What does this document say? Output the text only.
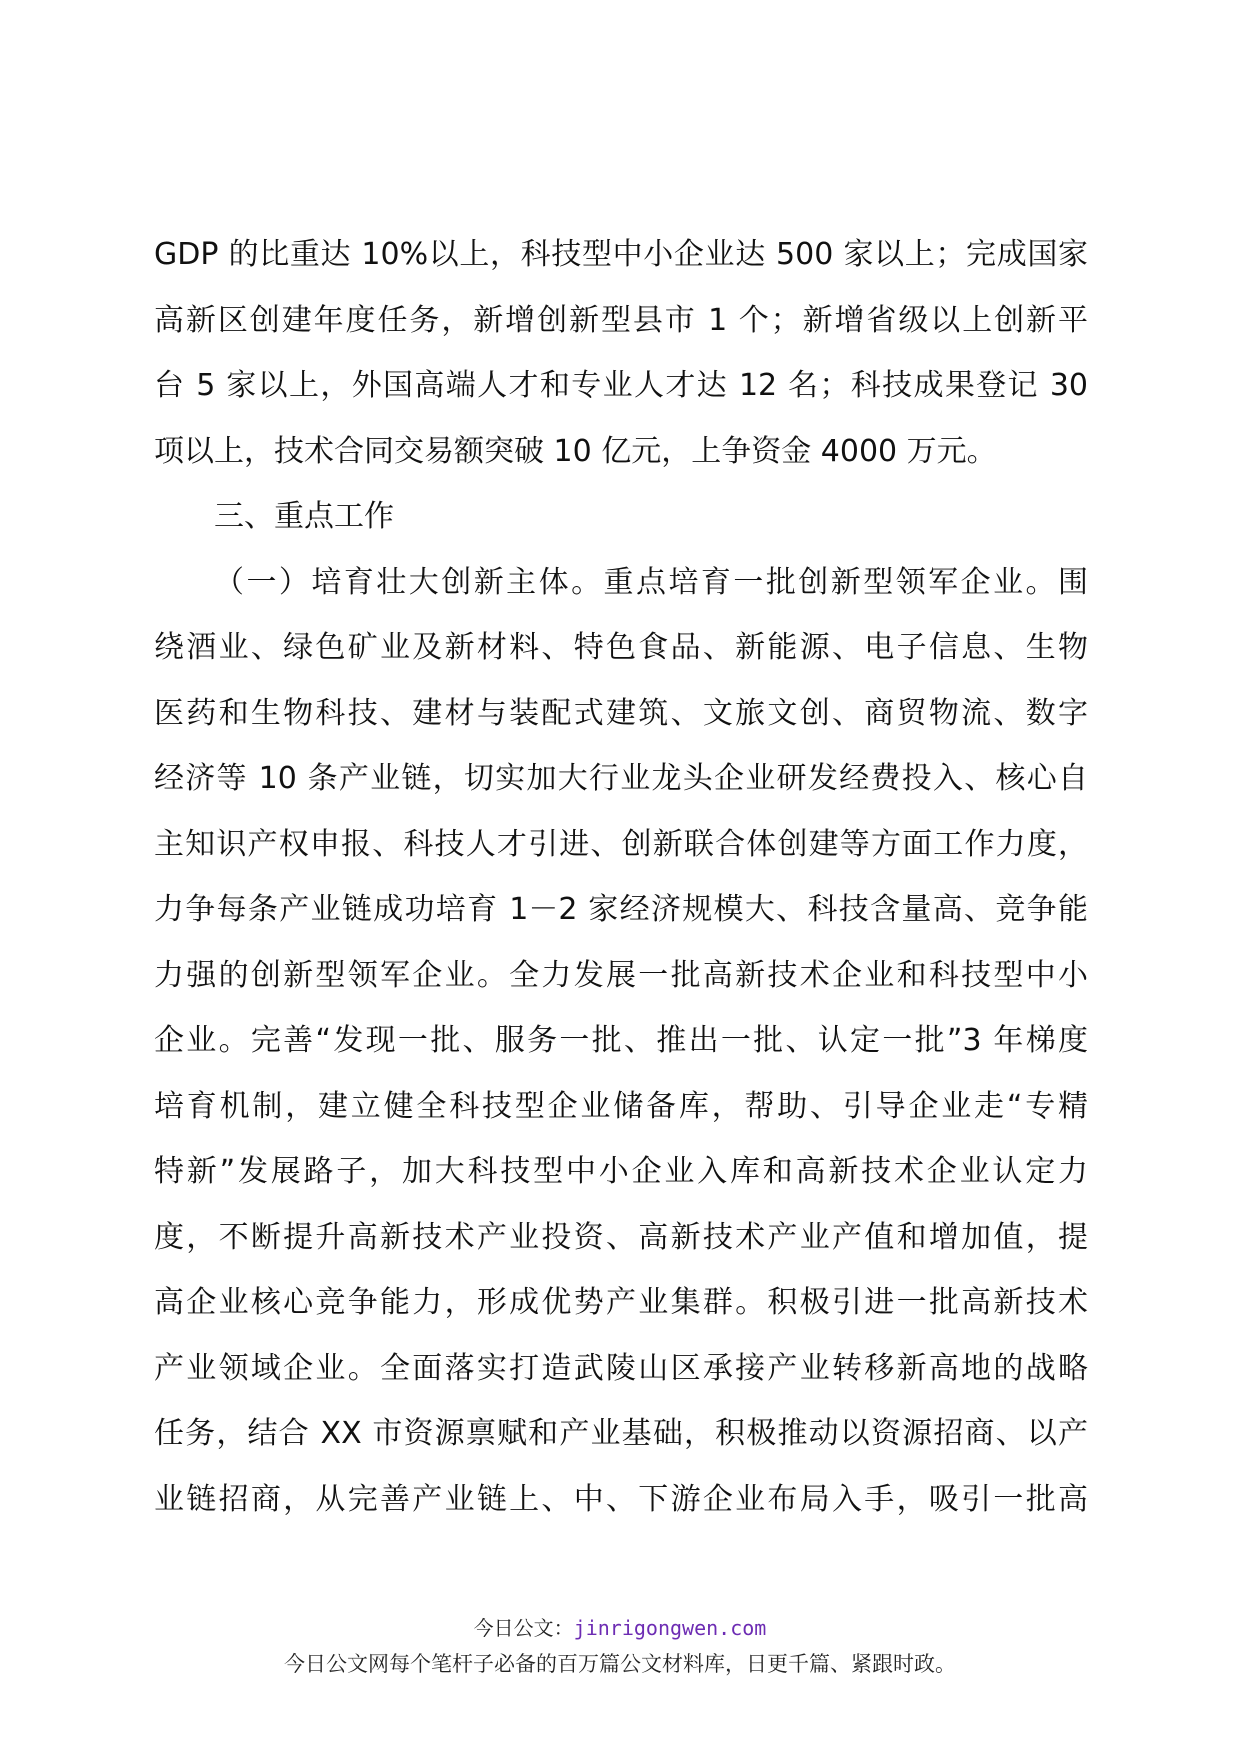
GDP 的比重达 10%以上，科技型中小企业达 500 家以上；完成国家
高新区创建年度任务，新增创新型县市 1 个；新增省级以上创新平
台 5 家以上，外国高端人才和专业人才达 12 名；科技成果登记 30
项以上，技术合同交易额突破 10 亿元，上争资金 4000 万元。
三、重点工作
（一）培育壮大创新主体。重点培育一批创新型领军企业。围
绕酒业、绿色矿业及新材料、特色食品、新能源、电子信息、生物
医药和生物科技、建材与装配式建筑、文旅文创、商贸物流、数字
经济等 10 条产业链，切实加大行业龙头企业研发经费投入、核心自
主知识产权申报、科技人才引进、创新联合体创建等方面工作力度，
力争每条产业链成功培育 1－2 家经济规模大、科技含量高、竞争能
力强的创新型领军企业。全力发展一批高新技术企业和科技型中小
企业。完善“发现一批、服务一批、推出一批、认定一批”3 年梯度
培育机制，建立健全科技型企业储备库，帮助、引导企业走“专精
特新”发展路子，加大科技型中小企业入库和高新技术企业认定力
度，不断提升高新技术产业投资、高新技术产业产值和增加值，提
高企业核心竞争能力，形成优势产业集群。积极引进一批高新技术
产业领域企业。全面落实打造武陵山区承接产业转移新高地的战略
任务，结合 XX 市资源禀赋和产业基础，积极推动以资源招商、以产
业链招商，从完善产业链上、中、下游企业布局入手，吸引一批高
今日公文：jinrigongwen.com
今日公文网每个笔杆子必备的百万篇公文材料库，日更千篇、紧跟时政。
